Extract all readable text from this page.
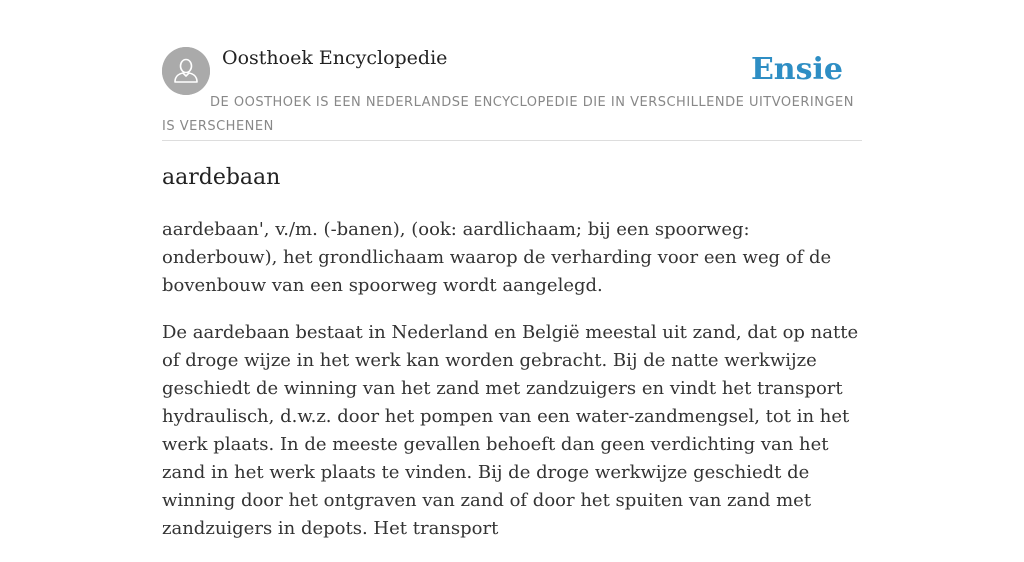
Oosthoek Encyclopedie	Ensie
DE OOSTHOEK IS EEN NEDERLANDSE ENCYCLOPEDIE DIE IN VERSCHILLENDE UITVOERINGEN IS VERSCHENEN
aardebaan

aardebaan', v./m. (-banen), (ook: aardlichaam; bij een spoorweg: onderbouw), het grondlichaam waarop de verharding voor een weg of de bovenbouw van een spoorweg wordt aangelegd.

De aardebaan bestaat in Nederland en België meestal uit zand, dat op natte of droge wijze in het werk kan worden gebracht. Bij de natte werkwijze geschiedt de winning van het zand met zandzuigers en vindt het transport hydraulisch, d.w.z. door het pompen van een water-zandmengsel, tot in het werk plaats. In de meeste gevallen behoeft dan geen verdichting van het zand in het werk plaats te vinden. Bij de droge werkwijze geschiedt de winning door het ontgraven van zand of door het spuiten van zand met zandzuigers in depots. Het transport
